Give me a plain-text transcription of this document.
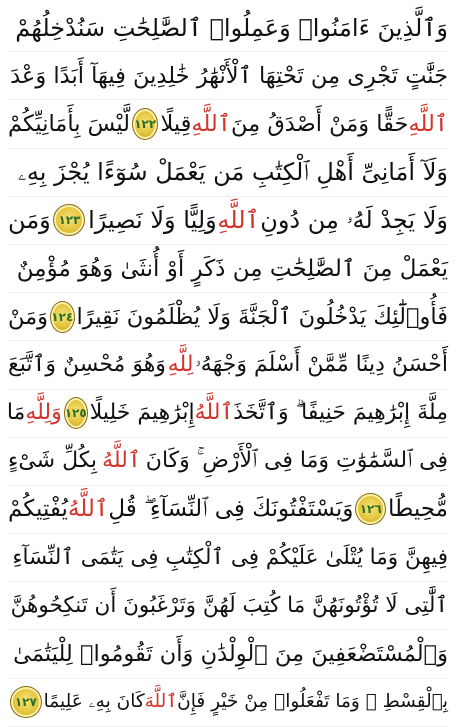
وَٱلَّذِينَ ءَامَنُوا۟ وَعَمِلُوا۟ ٱلصَّٰلِحَٰتِ سَنُدْخِلُهُمْ
جَنَّٰتٍ تَجْرِى مِن تَحْتِهَا ٱلْأَنْهَٰرُ خَٰلِدِينَ فِيهَآ أَبَدًا وَعْدَ
ٱللَّهِ
حَقًّا وَمَنْ أَصْدَقُ مِنَ
ٱللَّهِ
قِيلًا
١٢٢
لَّيْسَ بِأَمَانِيِّكُمْ
وَلَآ أَمَانِىِّ أَهْلِ ٱلْكِتَٰبِ مَن يَعْمَلْ سُوٓءًا يُجْزَ بِهِۦ
وَلَا يَجِدْ لَهُۥ مِن دُونِ
ٱللَّهِ
وَلِيًّا وَلَا نَصِيرًا
١٢٣
وَمَن
يَعْمَلْ مِنَ ٱلصَّٰلِحَٰتِ مِن ذَكَرٍ أَوْ أُنثَىٰ وَهُوَ مُؤْمِنٌ
فَأُو۟لَٰٓئِكَ يَدْخُلُونَ ٱلْجَنَّةَ وَلَا يُظْلَمُونَ نَقِيرًا
١٢٤
وَمَنْ
أَحْسَنُ دِينًا مِّمَّنْ أَسْلَمَ وَجْهَهُۥ
لِلَّهِ
وَهُوَ مُحْسِنٌ وَٱتَّبَعَ
مِلَّةَ إِبْرَٰهِيمَ حَنِيفًا ۗ وَٱتَّخَذَ
ٱللَّهُ
إِبْرَٰهِيمَ خَلِيلًا
١٢٥
وَلِلَّهِ
مَا
فِى ٱلسَّمَٰوَٰتِ وَمَا فِى ٱلْأَرْضِ ۚ وَكَانَ
ٱللَّهُ
بِكُلِّ شَىْءٍ
مُّحِيطًا
١٢٦
وَيَسْتَفْتُونَكَ فِى ٱلنِّسَآءِ ۖ قُلِ
ٱللَّهُ
يُفْتِيكُمْ
فِيهِنَّ وَمَا يُتْلَىٰ عَلَيْكُمْ فِى ٱلْكِتَٰبِ فِى يَتَٰمَى ٱلنِّسَآءِ
ٱلَّٰتِى لَا تُؤْتُونَهُنَّ مَا كُتِبَ لَهُنَّ وَتَرْغَبُونَ أَن تَنكِحُوهُنَّ
وَٱلْمُسْتَضْعَفِينَ مِنَ ٱلْوِلْدَٰنِ وَأَن تَقُومُوا۟ لِلْيَتَٰمَىٰ
بِٱلْقِسْطِ ۚ وَمَا تَفْعَلُوا۟ مِنْ خَيْرٍ فَإِنَّ
ٱللَّهَ
كَانَ بِهِۦ عَلِيمًا
١٢٧
